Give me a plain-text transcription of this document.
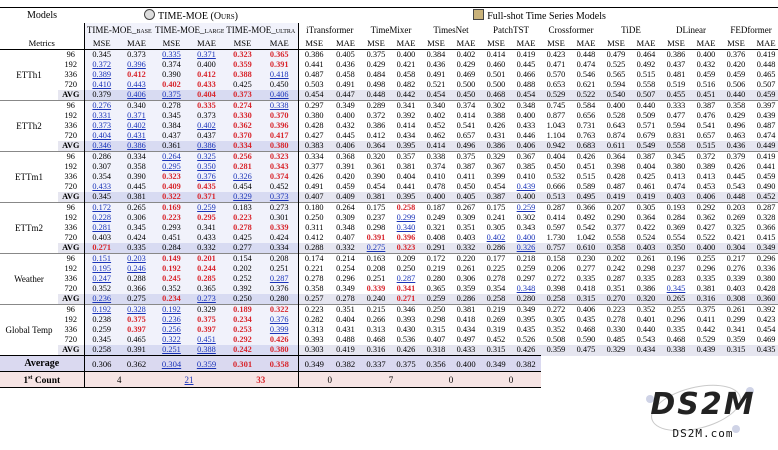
Models		TIME-MOE (Ours)						Full-shot Time Series Models															
		TIME-MOE_base		TIME-MOE_large		TIME-MOE_ultra		iTransformer		TimeMixer		TimesNet		PatchTST		Crossformer		TiDE		DLinear		FEDformer	
Metrics		MSE	MAE	MSE	MAE	MSE	MAE	MSE	MAE	MSE	MAE	MSE	MAE	MSE	MAE	MSE	MAE	MSE	MAE	MSE	MAE	MSE	MAE
ETTh1	96	0.345	0.373	0.335	0.371	0.323	0.365	0.386	0.405	0.375	0.400	0.384	0.402	0.414	0.419	0.423	0.448	0.479	0.464	0.386	0.400	0.376	0.419
	192	0.372	0.396	0.374	0.400	0.359	0.391	0.441	0.436	0.429	0.421	0.436	0.429	0.460	0.445	0.471	0.474	0.525	0.492	0.437	0.432	0.420	0.448
	336	0.389	0.412	0.390	0.412	0.388	0.418	0.487	0.458	0.484	0.458	0.491	0.469	0.501	0.466	0.570	0.546	0.565	0.515	0.481	0.459	0.459	0.465
	720	0.410	0.443	0.402	0.433	0.425	0.450	0.503	0.491	0.498	0.482	0.521	0.500	0.500	0.488	0.653	0.621	0.594	0.558	0.519	0.516	0.506	0.507
	AVG	0.379	0.406	0.375	0.404	0.373	0.406	0.454	0.447	0.448	0.442	0.454	0.450	0.468	0.454	0.529	0.522	0.540	0.507	0.455	0.451	0.440	0.459
ETTh2	96	0.276	0.340	0.278	0.335	0.274	0.338	0.297	0.349	0.289	0.341	0.340	0.374	0.302	0.348	0.745	0.584	0.400	0.440	0.333	0.387	0.358	0.397
	192	0.331	0.371	0.345	0.373	0.330	0.370	0.380	0.400	0.372	0.392	0.402	0.414	0.388	0.400	0.877	0.656	0.528	0.509	0.477	0.476	0.429	0.439
	336	0.373	0.402	0.384	0.402	0.362	0.396	0.428	0.432	0.386	0.414	0.452	0.541	0.426	0.433	1.043	0.731	0.643	0.571	0.594	0.541	0.496	0.487
	720	0.404	0.431	0.437	0.437	0.370	0.417	0.427	0.445	0.412	0.434	0.462	0.657	0.431	0.446	1.104	0.763	0.874	0.679	0.831	0.657	0.463	0.474
	AVG	0.346	0.386	0.361	0.386	0.334	0.380	0.383	0.406	0.364	0.395	0.414	0.496	0.386	0.406	0.942	0.683	0.611	0.549	0.558	0.515	0.436	0.449
ETTm1	96	0.286	0.334	0.264	0.325	0.256	0.323	0.334	0.368	0.320	0.357	0.338	0.375	0.329	0.367	0.404	0.426	0.364	0.387	0.345	0.372	0.379	0.419
	192	0.307	0.358	0.295	0.350	0.281	0.343	0.377	0.391	0.361	0.381	0.374	0.387	0.367	0.385	0.450	0.451	0.398	0.404	0.380	0.389	0.426	0.441
	336	0.354	0.390	0.323	0.376	0.326	0.374	0.426	0.420	0.390	0.404	0.410	0.411	0.399	0.410	0.532	0.515	0.428	0.425	0.413	0.413	0.445	0.459
	720	0.433	0.445	0.409	0.435	0.454	0.452	0.491	0.459	0.454	0.441	0.478	0.450	0.454	0.439	0.666	0.589	0.487	0.461	0.474	0.453	0.543	0.490
	AVG	0.345	0.381	0.322	0.371	0.329	0.373	0.407	0.409	0.381	0.395	0.400	0.405	0.387	0.400	0.513	0.495	0.419	0.419	0.403	0.406	0.448	0.452
ETTm2	96	0.172	0.265	0.169	0.259	0.183	0.273	0.180	0.264	0.175	0.258	0.187	0.267	0.175	0.259	0.287	0.366	0.207	0.305	0.193	0.292	0.203	0.287
	192	0.228	0.306	0.223	0.295	0.223	0.301	0.250	0.309	0.237	0.299	0.249	0.309	0.241	0.302	0.414	0.492	0.290	0.364	0.284	0.362	0.269	0.328
	336	0.281	0.345	0.293	0.341	0.278	0.339	0.311	0.348	0.298	0.340	0.321	0.351	0.305	0.343	0.597	0.542	0.377	0.422	0.369	0.427	0.325	0.366
	720	0.403	0.424	0.451	0.433	0.425	0.424	0.412	0.407	0.391	0.396	0.408	0.403	0.402	0.400	1.730	1.042	0.558	0.524	0.554	0.522	0.421	0.415
	AVG	0.271	0.335	0.284	0.332	0.277	0.334	0.288	0.332	0.275	0.323	0.291	0.332	0.286	0.326	0.757	0.610	0.358	0.403	0.350	0.400	0.304	0.349
Weather	96	0.151	0.203	0.149	0.201	0.154	0.208	0.174	0.214	0.163	0.209	0.172	0.220	0.177	0.218	0.158	0.230	0.202	0.261	0.196	0.255	0.217	0.296
	192	0.195	0.246	0.192	0.244	0.202	0.251	0.221	0.254	0.208	0.250	0.219	0.261	0.225	0.259	0.206	0.277	0.242	0.298	0.237	0.296	0.276	0.336
	336	0.247	0.288	0.245	0.285	0.252	0.287	0.278	0.296	0.251	0.287	0.280	0.306	0.278	0.297	0.272	0.335	0.287	0.335	0.283	0.335	0.339	0.380
	720	0.352	0.366	0.352	0.365	0.392	0.376	0.358	0.349	0.339	0.341	0.365	0.359	0.354	0.348	0.398	0.418	0.351	0.386	0.345	0.381	0.403	0.428
	AVG	0.236	0.275	0.234	0.273	0.250	0.280	0.257	0.278	0.240	0.271	0.259	0.286	0.258	0.280	0.258	0.315	0.270	0.320	0.265	0.316	0.308	0.360
Global Temp	96	0.192	0.328	0.192	0.329	0.189	0.322	0.223	0.351	0.215	0.346	0.250	0.381	0.219	0.349	0.272	0.406	0.223	0.352	0.255	0.375	0.261	0.392
	192	0.238	0.375	0.236	0.375	0.234	0.376	0.282	0.404	0.266	0.393	0.298	0.418	0.269	0.395	0.305	0.435	0.278	0.401	0.296	0.411	0.299	0.423
	336	0.259	0.397	0.256	0.397	0.253	0.399	0.313	0.431	0.313	0.430	0.315	0.434	0.319	0.435	0.352	0.468	0.330	0.440	0.335	0.442	0.341	0.454
	720	0.345	0.465	0.322	0.451	0.292	0.426	0.393	0.488	0.468	0.536	0.407	0.497	0.452	0.526	0.508	0.590	0.485	0.543	0.468	0.529	0.359	0.469
	AVG	0.258	0.391	0.251	0.388	0.242	0.380	0.303	0.419	0.316	0.426	0.318	0.433	0.315	0.426	0.359	0.475	0.329	0.434	0.338	0.439	0.315	0.435
Average		0.306	0.362	0.304	0.359	0.301	0.358	0.349	0.382	0.337	0.375	0.356	0.400	0.349	0.382								
1st Count		4		21		33		0		7		0		0									
DS2M
DS2M.com
